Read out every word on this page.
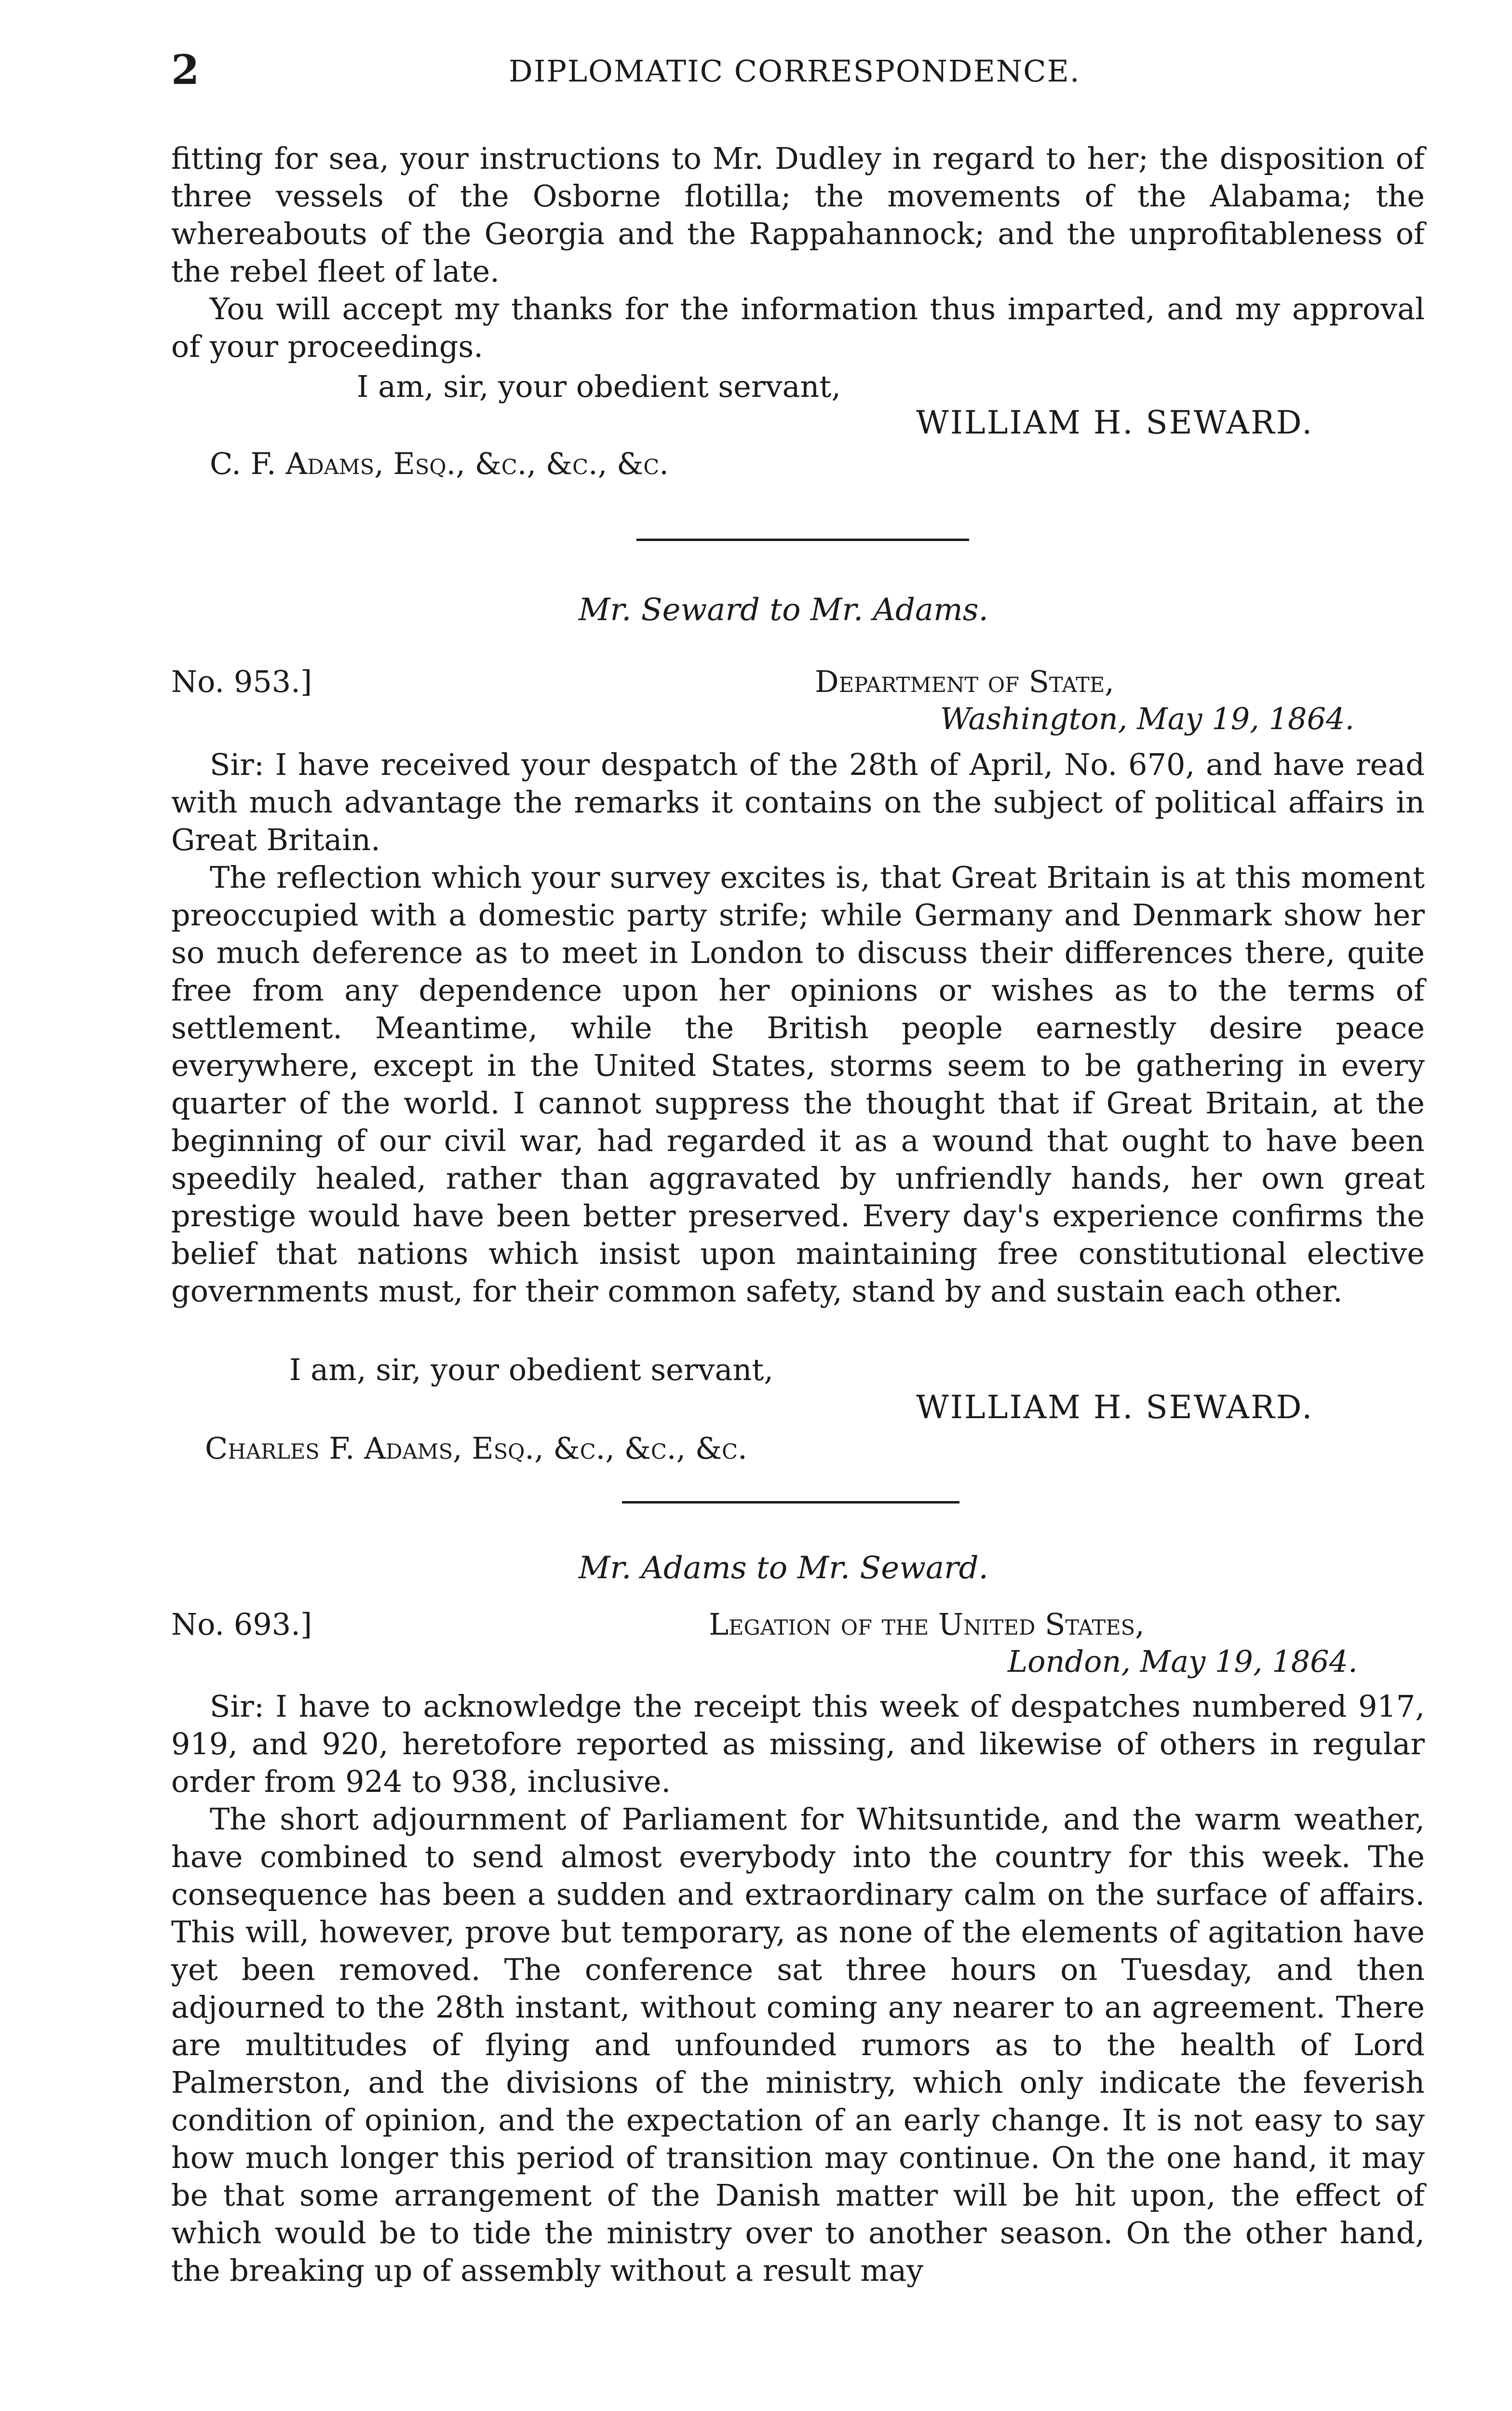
2	DIPLOMATIC CORRESPONDENCE.

fitting for sea, your instructions to Mr. Dudley in regard to her; the disposition of three vessels of the Osborne flotilla; the movements of the Alabama; the whereabouts of the Georgia and the Rappahannock; and the unprofitableness of the rebel fleet of late.

You will accept my thanks for the information thus imparted, and my approval of your proceedings.

I am, sir, your obedient servant,
WILLIAM H. SEWARD.
C. F. Adams, Esq., &c., &c., &c.
Mr. Seward to Mr. Adams.
No. 953.]	Department of State,
Washington, May 19, 1864.

Sir: I have received your despatch of the 28th of April, No. 670, and have read with much advantage the remarks it contains on the subject of political affairs in Great Britain.

The reflection which your survey excites is, that Great Britain is at this moment preoccupied with a domestic party strife; while Germany and Denmark show her so much deference as to meet in London to discuss their differences there, quite free from any dependence upon her opinions or wishes as to the terms of settlement. Meantime, while the British people earnestly desire peace everywhere, except in the United States, storms seem to be gathering in every quarter of the world. I cannot suppress the thought that if Great Britain, at the beginning of our civil war, had regarded it as a wound that ought to have been speedily healed, rather than aggravated by unfriendly hands, her own great prestige would have been better preserved. Every day's experience confirms the belief that nations which insist upon maintaining free constitutional elective governments must, for their common safety, stand by and sustain each other.

I am, sir, your obedient servant,
WILLIAM H. SEWARD.
Charles F. Adams, Esq., &c., &c., &c.
Mr. Adams to Mr. Seward.
No. 693.]	Legation of the United States,
London, May 19, 1864.

Sir: I have to acknowledge the receipt this week of despatches numbered 917, 919, and 920, heretofore reported as missing, and likewise of others in regular order from 924 to 938, inclusive.

The short adjournment of Parliament for Whitsuntide, and the warm weather, have combined to send almost everybody into the country for this week. The consequence has been a sudden and extraordinary calm on the surface of affairs. This will, however, prove but temporary, as none of the elements of agitation have yet been removed. The conference sat three hours on Tuesday, and then adjourned to the 28th instant, without coming any nearer to an agreement. There are multitudes of flying and unfounded rumors as to the health of Lord Palmerston, and the divisions of the ministry, which only indicate the feverish condition of opinion, and the expectation of an early change. It is not easy to say how much longer this period of transition may continue. On the one hand, it may be that some arrangement of the Danish matter will be hit upon, the effect of which would be to tide the ministry over to another season. On the other hand, the breaking up of assembly without a result may
